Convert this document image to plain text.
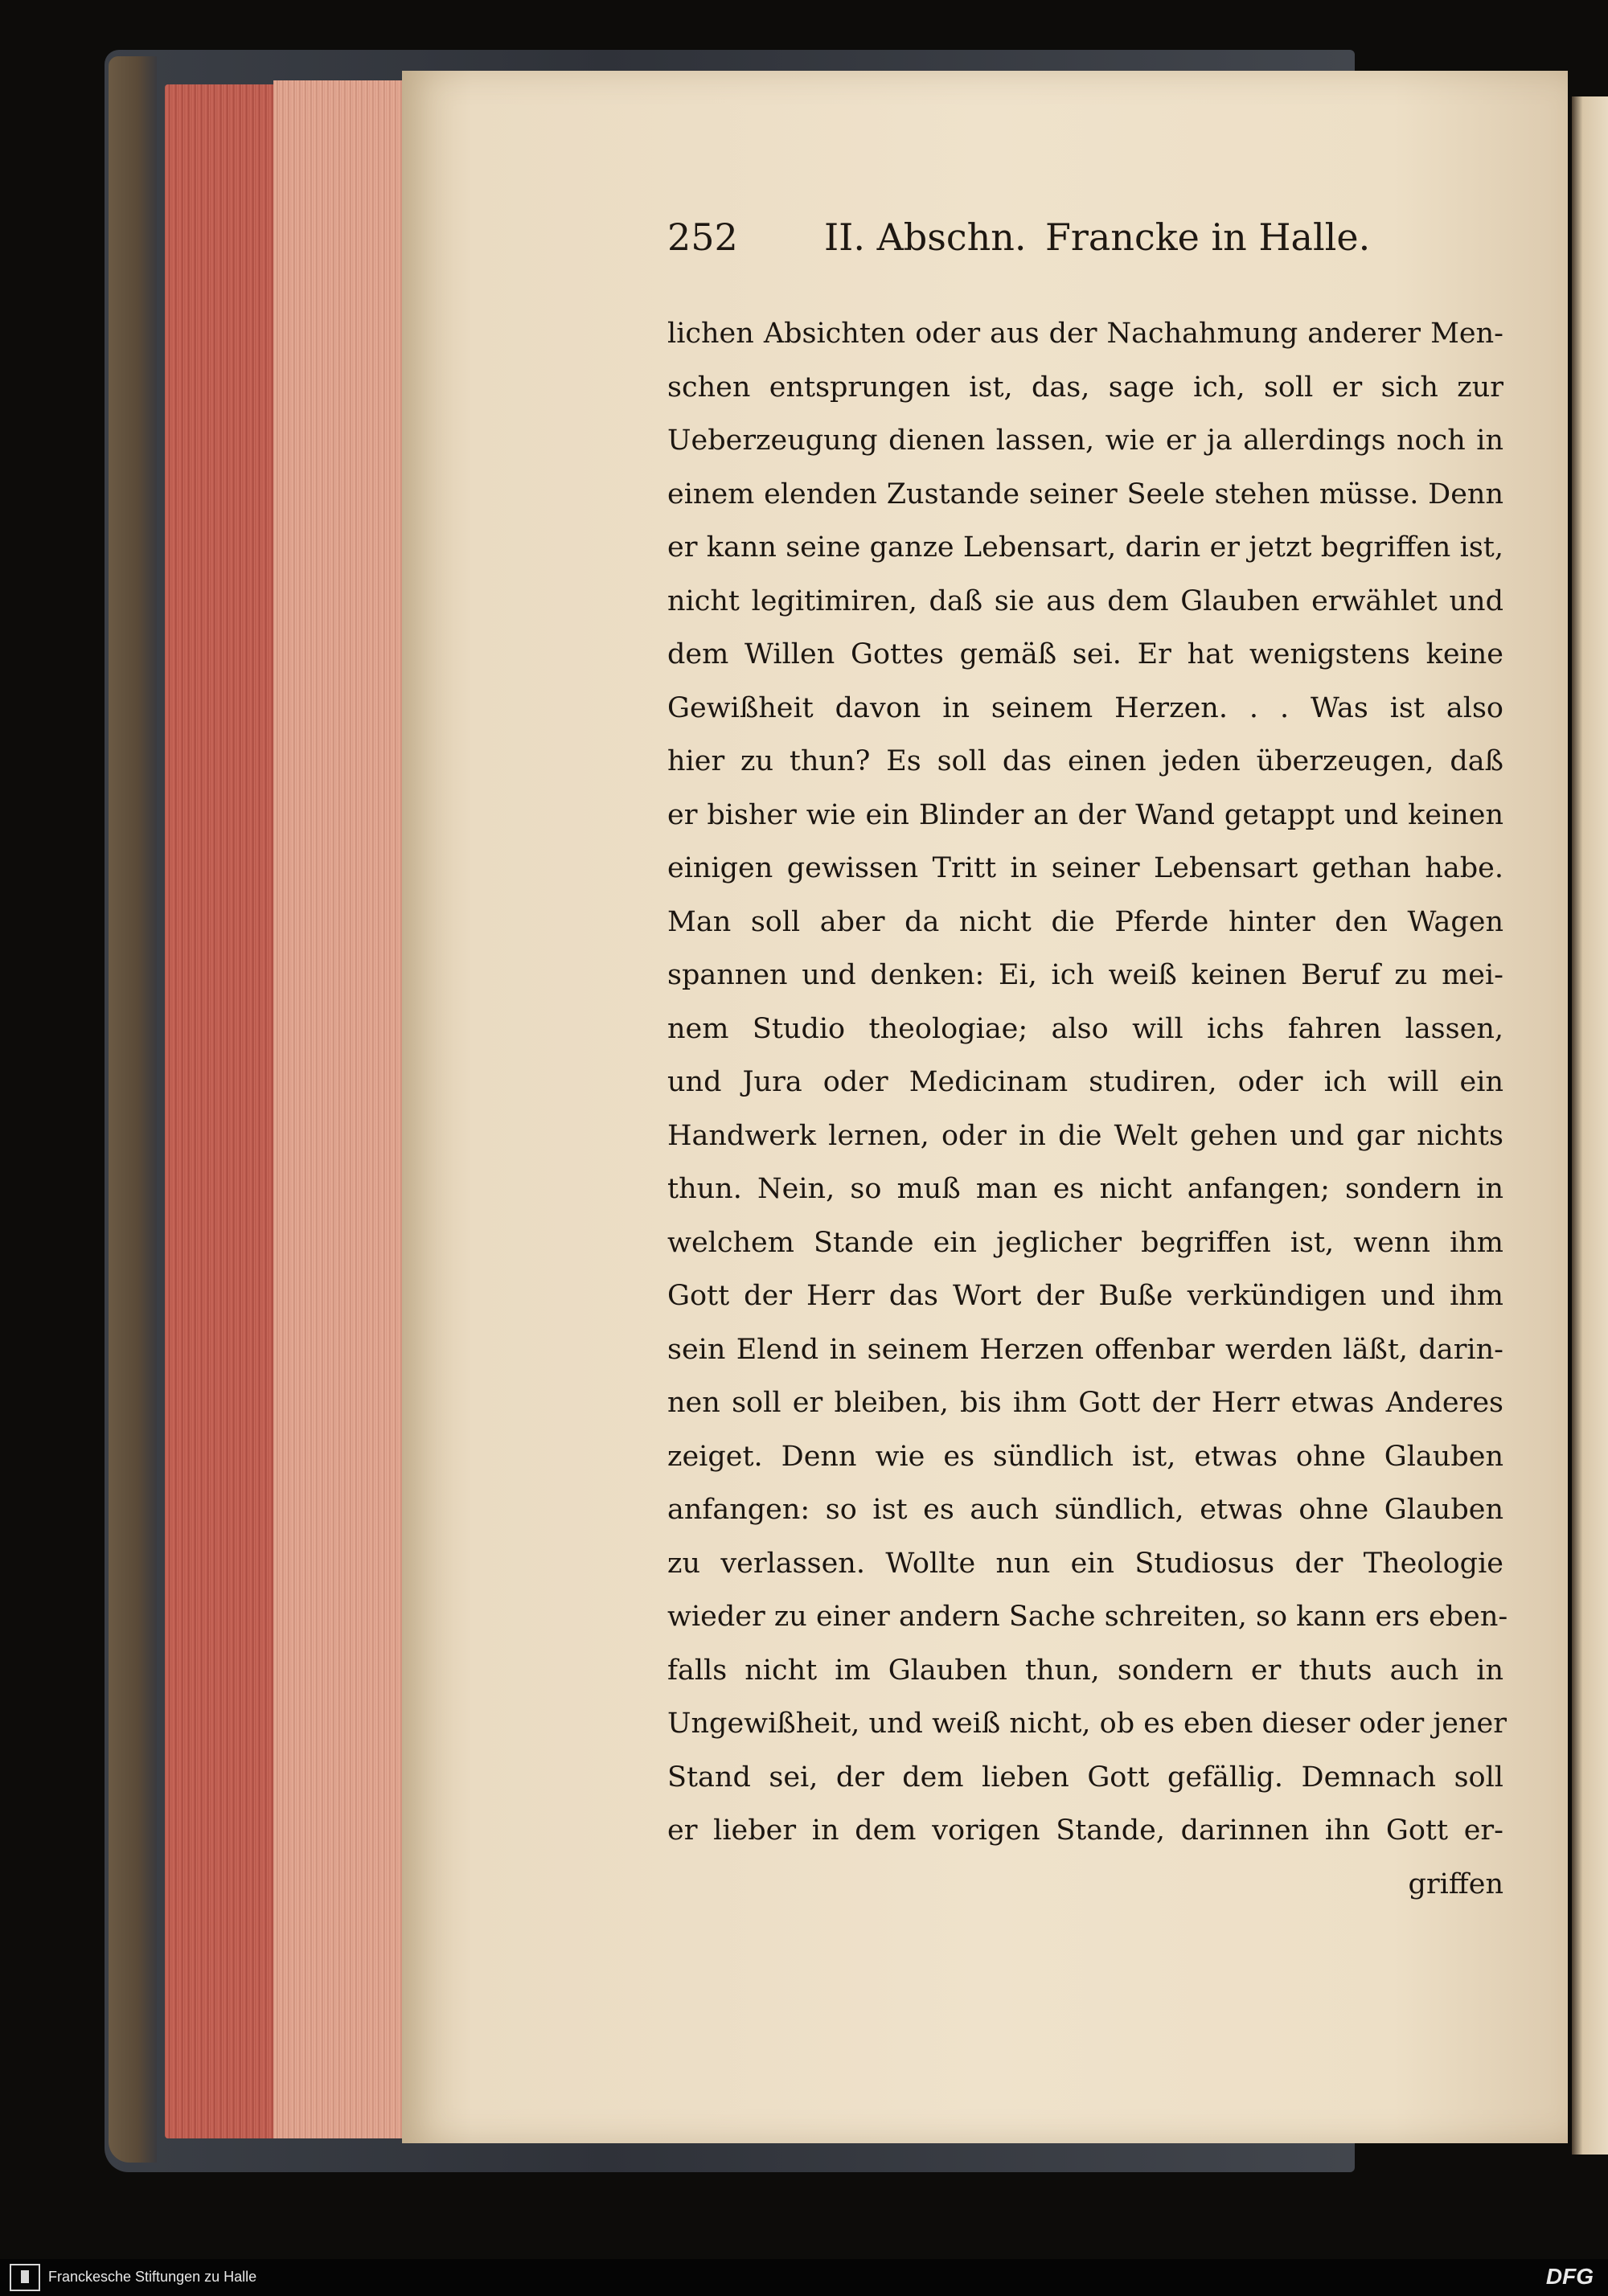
252 II. Abschn. Francke in Halle.
lichen Absichten oder aus der Nachahmung anderer Men-
schen entsprungen ist, das, sage ich, soll er sich zur
Ueberzeugung dienen lassen, wie er ja allerdings noch in
einem elenden Zustande seiner Seele stehen müsse. Denn
er kann seine ganze Lebensart, darin er jetzt begriffen ist,
nicht legitimiren, daß sie aus dem Glauben erwählet und
dem Willen Gottes gemäß sei. Er hat wenigstens keine
Gewißheit davon in seinem Herzen. . . Was ist also
hier zu thun? Es soll das einen jeden überzeugen, daß
er bisher wie ein Blinder an der Wand getappt und keinen
einigen gewissen Tritt in seiner Lebensart gethan habe.
Man soll aber da nicht die Pferde hinter den Wagen
spannen und denken: Ei, ich weiß keinen Beruf zu mei-
nem Studio theologiae; also will ichs fahren lassen,
und Jura oder Medicinam studiren, oder ich will ein
Handwerk lernen, oder in die Welt gehen und gar nichts
thun. Nein, so muß man es nicht anfangen; sondern in
welchem Stande ein jeglicher begriffen ist, wenn ihm
Gott der Herr das Wort der Buße verkündigen und ihm
sein Elend in seinem Herzen offenbar werden läßt, darin-
nen soll er bleiben, bis ihm Gott der Herr etwas Anderes
zeiget. Denn wie es sündlich ist, etwas ohne Glauben
anfangen: so ist es auch sündlich, etwas ohne Glauben
zu verlassen. Wollte nun ein Studiosus der Theologie
wieder zu einer andern Sache schreiten, so kann ers eben-
falls nicht im Glauben thun, sondern er thuts auch in
Ungewißheit, und weiß nicht, ob es eben dieser oder jener
Stand sei, der dem lieben Gott gefällig. Demnach soll
er lieber in dem vorigen Stande, darinnen ihn Gott er-
griffen
Franckesche Stiftungen zu Halle	DFG
